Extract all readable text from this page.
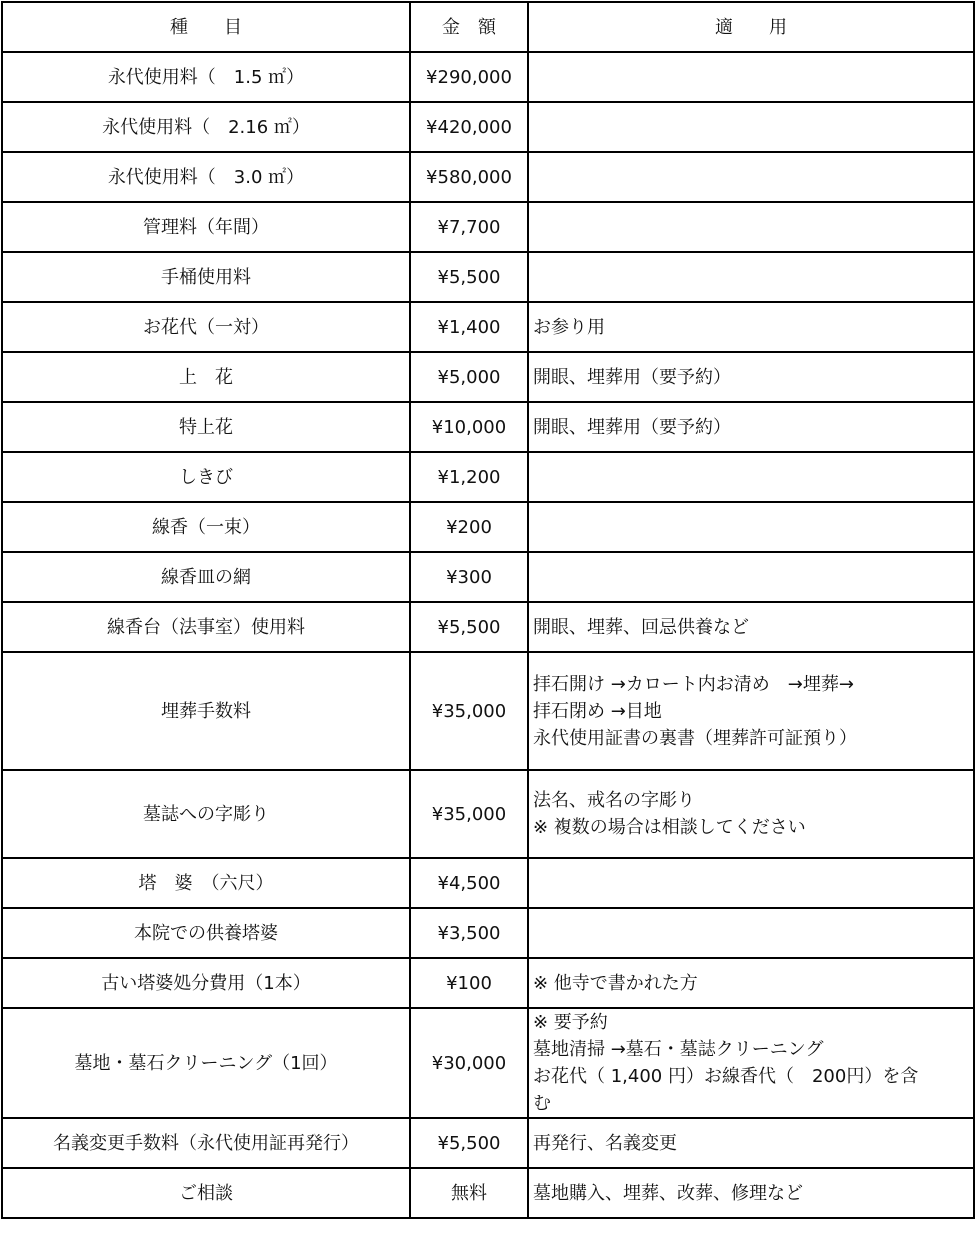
種　　目	金　額	適　　用
永代使用料（　1.5 ㎡）	¥290,000	
永代使用料（　2.16 ㎡）	¥420,000	
永代使用料（　3.0 ㎡）	¥580,000	
管理料（年間）	¥7,700	
手桶使用料	¥5,500	
お花代（一対）	¥1,400	お参り用

上　花	¥5,000	開眼、埋葬用（要予約）

特上花	¥10,000	開眼、埋葬用（要予約）

しきび	¥1,200	
線香（一束）	¥200	
線香皿の網	¥300	
線香台（法事室）使用料	¥5,500	開眼、埋葬、回忌供養など

埋葬手数料	¥35,000	拝石開け →カロート内お清め　→埋葬→
拝石閉め →目地
永代使用証書の裏書（埋葬許可証預り）

墓誌への字彫り	¥35,000	法名、戒名の字彫り
※ 複数の場合は相談してください

塔　婆　（六尺）	¥4,500	
本院での供養塔婆	¥3,500	
古い塔婆処分費用（1本）	¥100	※ 他寺で書かれた方

墓地・墓石クリーニング（1回）	¥30,000	※ 要予約
墓地清掃 →墓石・墓誌クリーニング
お花代（ 1,400 円）お線香代（　200円）を含
む

名義変更手数料（永代使用証再発行）	¥5,500	再発行、名義変更

ご相談	無料	墓地購入、埋葬、改葬、修理など
